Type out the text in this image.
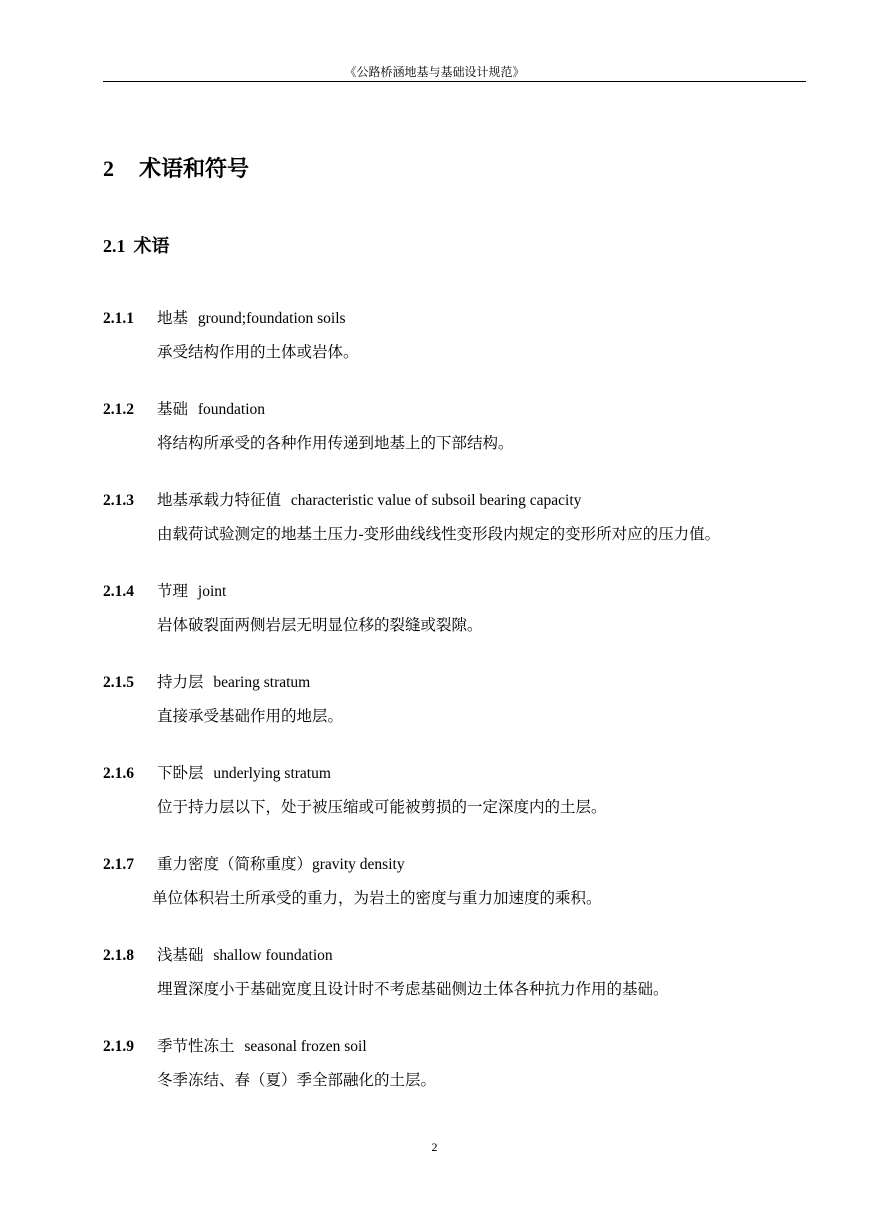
《公路桥涵地基与基础设计规范》
2 术语和符号
2.1 术语
2.1.1 地基 ground;foundation soils
承受结构作用的土体或岩体。
2.1.2 基础 foundation
将结构所承受的各种作用传递到地基上的下部结构。
2.1.3 地基承载力特征值 characteristic value of subsoil bearing capacity
由载荷试验测定的地基土压力-变形曲线线性变形段内规定的变形所对应的压力值。
2.1.4 节理 joint
岩体破裂面两侧岩层无明显位移的裂缝或裂隙。
2.1.5 持力层 bearing stratum
直接承受基础作用的地层。
2.1.6 下卧层 underlying stratum
位于持力层以下，处于被压缩或可能被剪损的一定深度内的土层。
2.1.7 重力密度（简称重度）gravity density
单位体积岩土所承受的重力，为岩土的密度与重力加速度的乘积。
2.1.8 浅基础 shallow foundation
埋置深度小于基础宽度且设计时不考虑基础侧边土体各种抗力作用的基础。
2.1.9 季节性冻土 seasonal frozen soil
冬季冻结、春（夏）季全部融化的土层。
2
